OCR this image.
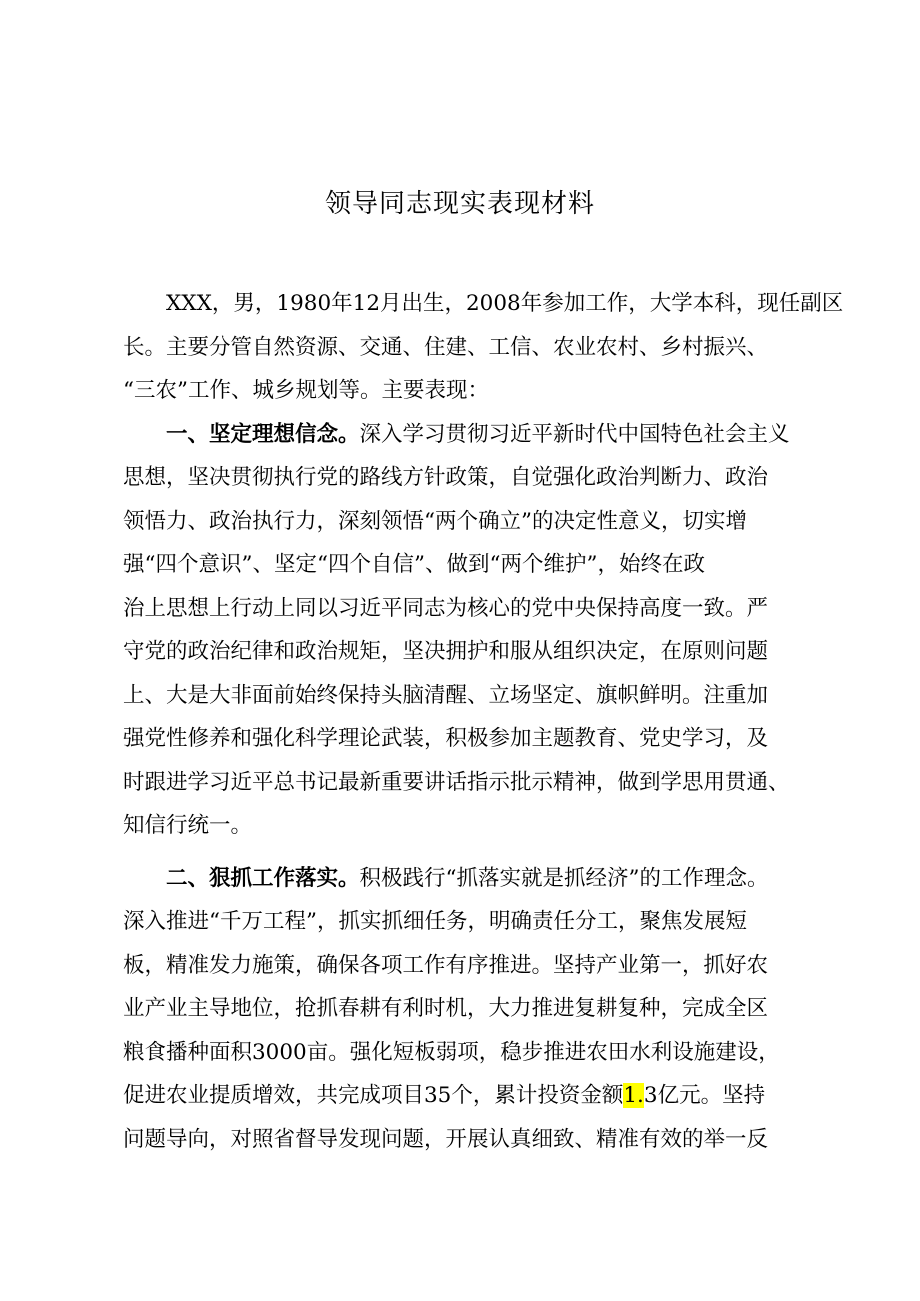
领导同志现实表现材料
XXX，男，1980年12月出生，2008年参加工作，大学本科，现任副区
长。主要分管自然资源、交通、住建、工信、农业农村、乡村振兴、
“三农”工作、城乡规划等。主要表现：
一、坚定理想信念。深入学习贯彻习近平新时代中国特色社会主义
思想，坚决贯彻执行党的路线方针政策，自觉强化政治判断力、政治
领悟力、政治执行力，深刻领悟“两个确立”的决定性意义，切实增
强“四个意识”、坚定“四个自信”、做到“两个维护”，始终在政
治上思想上行动上同以习近平同志为核心的党中央保持高度一致。严
守党的政治纪律和政治规矩，坚决拥护和服从组织决定，在原则问题
上、大是大非面前始终保持头脑清醒、立场坚定、旗帜鲜明。注重加
强党性修养和强化科学理论武装，积极参加主题教育、党史学习，及
时跟进学习近平总书记最新重要讲话指示批示精神，做到学思用贯通、
知信行统一。
二、狠抓工作落实。积极践行“抓落实就是抓经济”的工作理念。
深入推进“千万工程”，抓实抓细任务，明确责任分工，聚焦发展短
板，精准发力施策，确保各项工作有序推进。坚持产业第一，抓好农
业产业主导地位，抢抓春耕有利时机，大力推进复耕复种，完成全区
粮食播种面积3000亩。强化短板弱项，稳步推进农田水利设施建设，
促进农业提质增效，共完成项目35个，累计投资金额1.3亿元。坚持
问题导向，对照省督导发现问题，开展认真细致、精准有效的举一反
